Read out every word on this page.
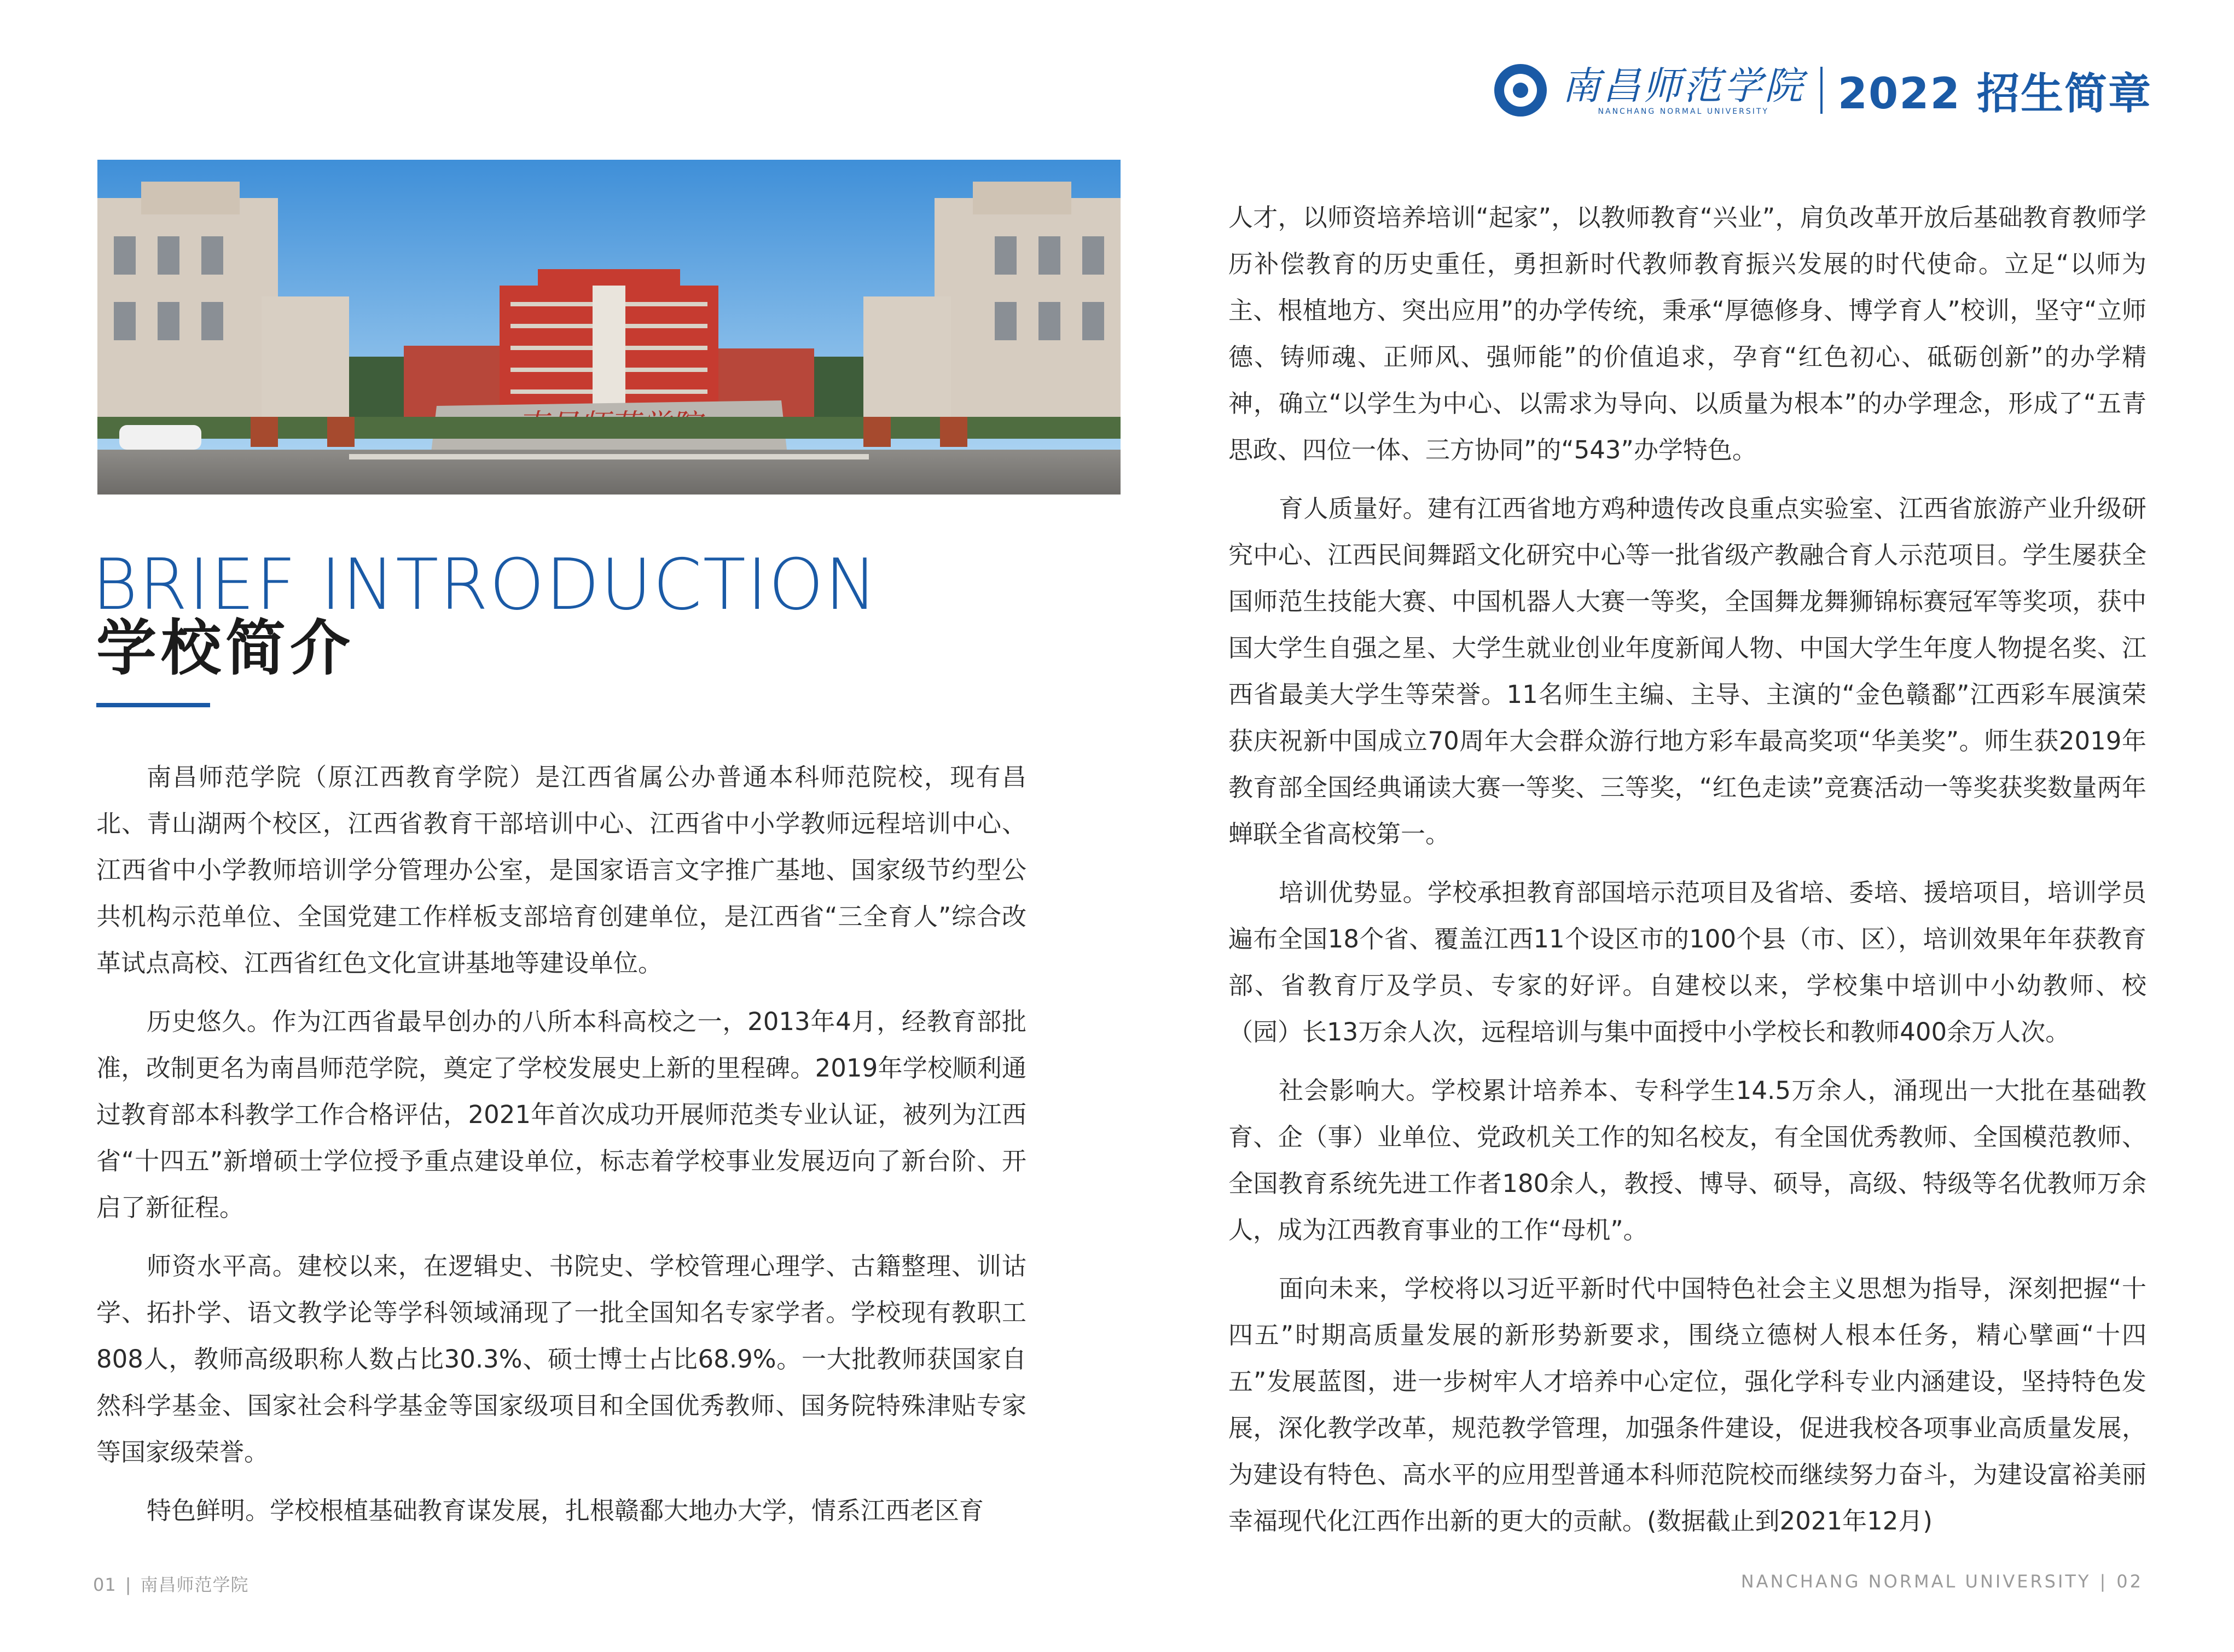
南昌师范学院
NANCHANG NORMAL UNIVERSITY 2022 招生简章
BRIEF INTRODUCTION
学校简介

南昌师范学院（原江西教育学院）是江西省属公办普通本科师范院校，现有昌北、青山湖两个校区，江西省教育干部培训中心、江西省中小学教师远程培训中心、江西省中小学教师培训学分管理办公室，是国家语言文字推广基地、国家级节约型公共机构示范单位、全国党建工作样板支部培育创建单位，是江西省“三全育人”综合改革试点高校、江西省红色文化宣讲基地等建设单位。

历史悠久。作为江西省最早创办的八所本科高校之一，2013年4月，经教育部批准，改制更名为南昌师范学院，奠定了学校发展史上新的里程碑。2019年学校顺利通过教育部本科教学工作合格评估，2021年首次成功开展师范类专业认证，被列为江西省“十四五”新增硕士学位授予重点建设单位，标志着学校事业发展迈向了新台阶、开启了新征程。

师资水平高。建校以来，在逻辑史、书院史、学校管理心理学、古籍整理、训诂学、拓扑学、语文教学论等学科领域涌现了一批全国知名专家学者。学校现有教职工808人，教师高级职称人数占比30.3%、硕士博士占比68.9%。一大批教师获国家自然科学基金、国家社会科学基金等国家级项目和全国优秀教师、国务院特殊津贴专家等国家级荣誉。

特色鲜明。学校根植基础教育谋发展，扎根赣鄱大地办大学，情系江西老区育

人才，以师资培养培训“起家”，以教师教育“兴业”，肩负改革开放后基础教育教师学历补偿教育的历史重任，勇担新时代教师教育振兴发展的时代使命。立足“以师为主、根植地方、突出应用”的办学传统，秉承“厚德修身、博学育人”校训，坚守“立师德、铸师魂、正师风、强师能”的价值追求，孕育“红色初心、砥砺创新”的办学精神，确立“以学生为中心、以需求为导向、以质量为根本”的办学理念，形成了“五青思政、四位一体、三方协同”的“543”办学特色。

育人质量好。建有江西省地方鸡种遗传改良重点实验室、江西省旅游产业升级研究中心、江西民间舞蹈文化研究中心等一批省级产教融合育人示范项目。学生屡获全国师范生技能大赛、中国机器人大赛一等奖，全国舞龙舞狮锦标赛冠军等奖项，获中国大学生自强之星、大学生就业创业年度新闻人物、中国大学生年度人物提名奖、江西省最美大学生等荣誉。11名师生主编、主导、主演的“金色赣鄱”江西彩车展演荣获庆祝新中国成立70周年大会群众游行地方彩车最高奖项“华美奖”。师生获2019年教育部全国经典诵读大赛一等奖、三等奖，“红色走读”竞赛活动一等奖获奖数量两年蝉联全省高校第一。

培训优势显。学校承担教育部国培示范项目及省培、委培、援培项目，培训学员遍布全国18个省、覆盖江西11个设区市的100个县（市、区），培训效果年年获教育部、省教育厅及学员、专家的好评。自建校以来，学校集中培训中小幼教师、校（园）长13万余人次，远程培训与集中面授中小学校长和教师400余万人次。

社会影响大。学校累计培养本、专科学生14.5万余人，涌现出一大批在基础教育、企（事）业单位、党政机关工作的知名校友，有全国优秀教师、全国模范教师、全国教育系统先进工作者180余人，教授、博导、硕导，高级、特级等名优教师万余人，成为江西教育事业的工作“母机”。

面向未来，学校将以习近平新时代中国特色社会主义思想为指导，深刻把握“十四五”时期高质量发展的新形势新要求，围绕立德树人根本任务，精心擘画“十四五”发展蓝图，进一步树牢人才培养中心定位，强化学科专业内涵建设，坚持特色发展，深化教学改革，规范教学管理，加强条件建设，促进我校各项事业高质量发展，为建设有特色、高水平的应用型普通本科师范院校而继续努力奋斗，为建设富裕美丽幸福现代化江西作出新的更大的贡献。(数据截止到2021年12月)

01 | 南昌师范学院	NANCHANG NORMAL UNIVERSITY | 02
